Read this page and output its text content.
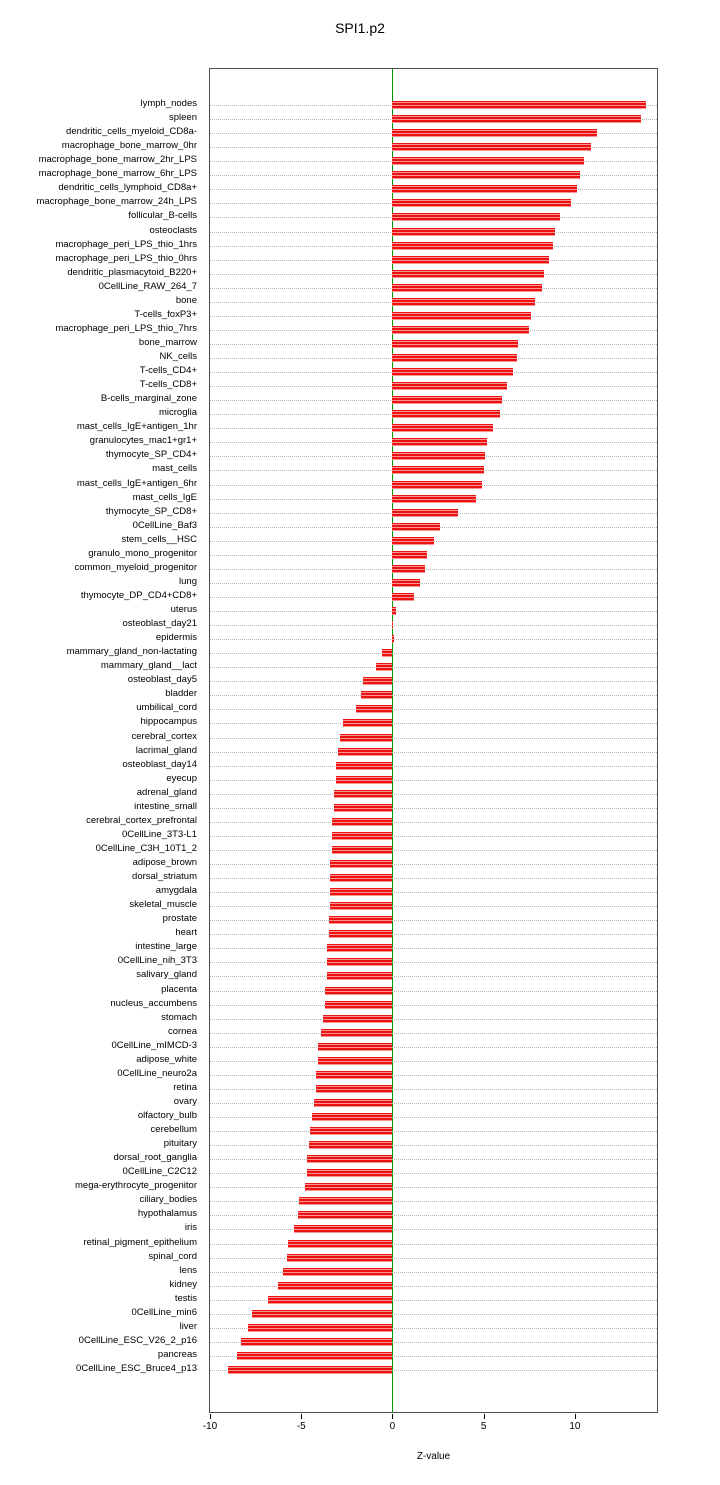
SPI1.p2
lymph_nodes
spleen
dendritic_cells_myeloid_CD8a-
macrophage_bone_marrow_0hr
macrophage_bone_marrow_2hr_LPS
macrophage_bone_marrow_6hr_LPS
dendritic_cells_lymphoid_CD8a+
macrophage_bone_marrow_24h_LPS
follicular_B-cells
osteoclasts
macrophage_peri_LPS_thio_1hrs
macrophage_peri_LPS_thio_0hrs
dendritic_plasmacytoid_B220+
0CellLine_RAW_264_7
bone
T-cells_foxP3+
macrophage_peri_LPS_thio_7hrs
bone_marrow
NK_cells
T-cells_CD4+
T-cells_CD8+
B-cells_marginal_zone
microglia
mast_cells_IgE+antigen_1hr
granulocytes_mac1+gr1+
thymocyte_SP_CD4+
mast_cells
mast_cells_IgE+antigen_6hr
mast_cells_IgE
thymocyte_SP_CD8+
0CellLine_Baf3
stem_cells__HSC
granulo_mono_progenitor
common_myeloid_progenitor
lung
thymocyte_DP_CD4+CD8+
uterus
osteoblast_day21
epidermis
mammary_gland_non-lactating
mammary_gland__lact
osteoblast_day5
bladder
umbilical_cord
hippocampus
cerebral_cortex
lacrimal_gland
osteoblast_day14
eyecup
adrenal_gland
intestine_small
cerebral_cortex_prefrontal
0CellLine_3T3-L1
0CellLine_C3H_10T1_2
adipose_brown
dorsal_striatum
amygdala
skeletal_muscle
prostate
heart
intestine_large
0CellLine_nih_3T3
salivary_gland
placenta
nucleus_accumbens
stomach
cornea
0CellLine_mIMCD-3
adipose_white
0CellLine_neuro2a
retina
ovary
olfactory_bulb
cerebellum
pituitary
dorsal_root_ganglia
0CellLine_C2C12
mega-erythrocyte_progenitor
ciliary_bodies
hypothalamus
iris
retinal_pigment_epithelium
spinal_cord
lens
kidney
testis
0CellLine_min6
liver
0CellLine_ESC_V26_2_p16
pancreas
0CellLine_ESC_Bruce4_p13
-10	-5	0	5	10
Z-value
